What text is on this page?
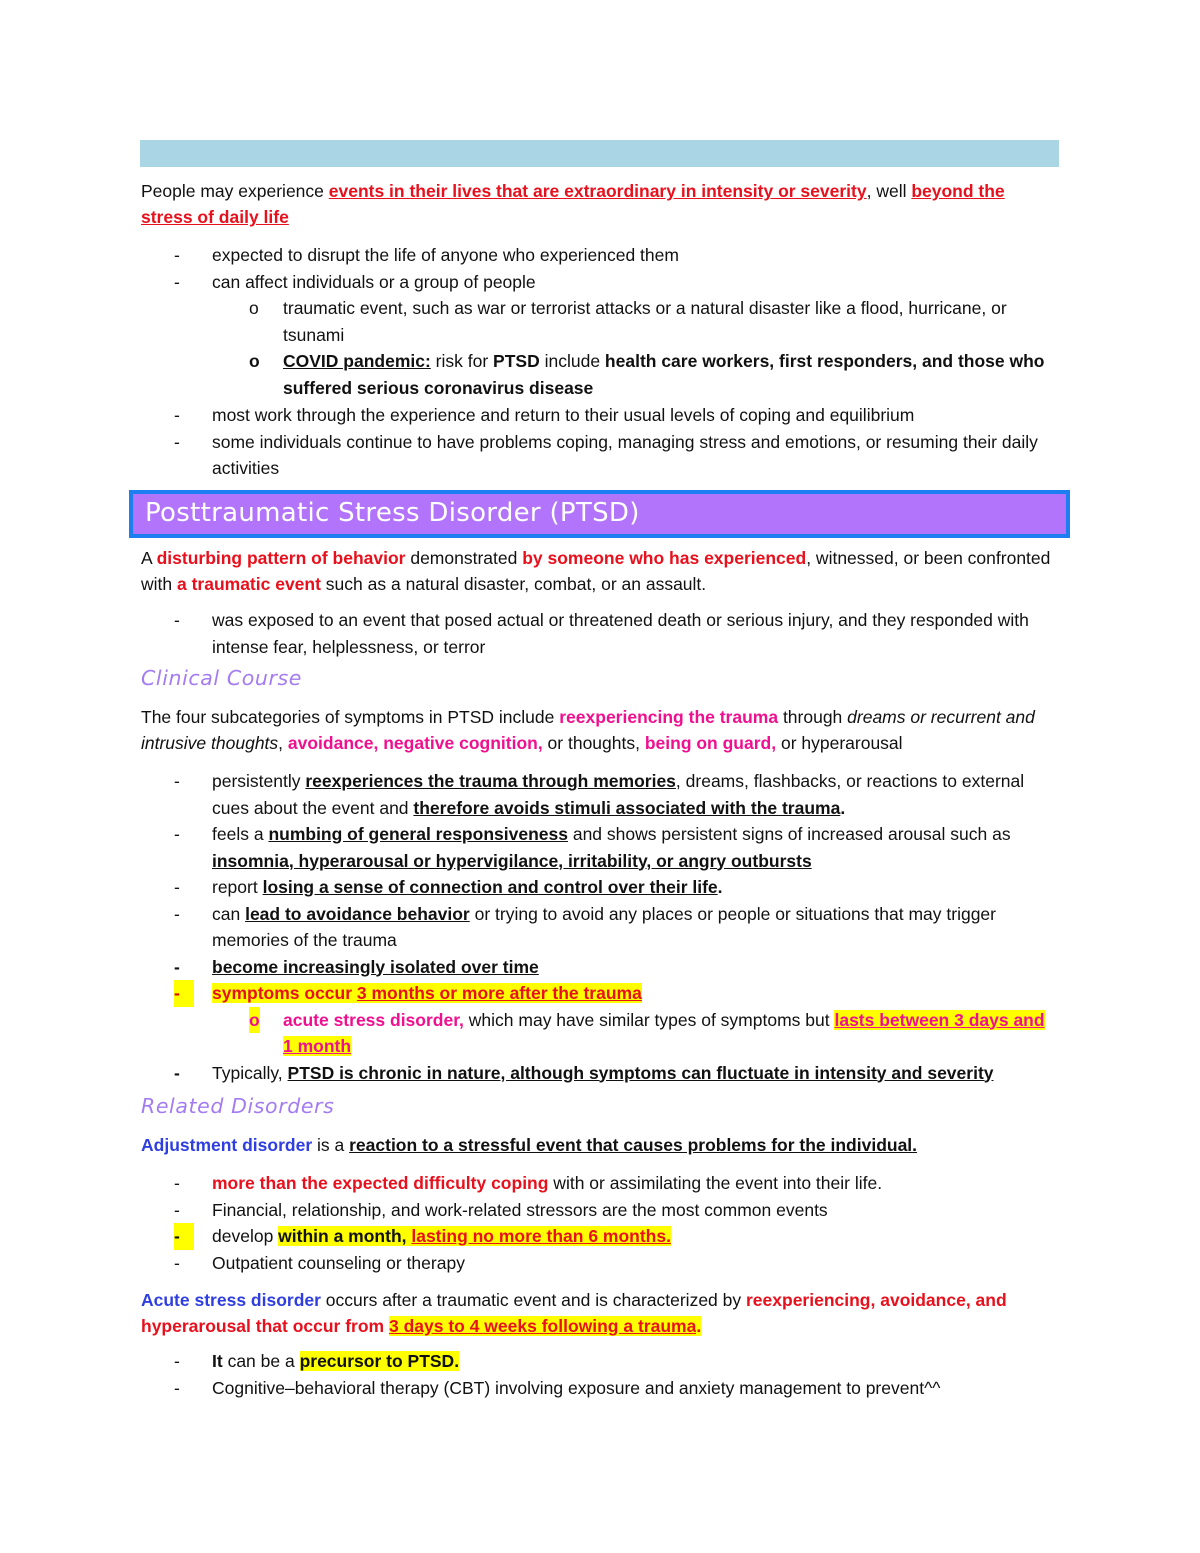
People may experience events in their lives that are extraordinary in intensity or severity, well beyond the stress of daily life
-	expected to disrupt the life of anyone who experienced them
-	can affect individuals or a group of people
o traumatic event, such as war or terrorist attacks or a natural disaster like a flood, hurricane, or tsunami
o COVID pandemic: risk for PTSD include health care workers, first responders, and those who suffered serious coronavirus disease
-	most work through the experience and return to their usual levels of coping and equilibrium
-	some individuals continue to have problems coping, managing stress and emotions, or resuming their daily activities
Posttraumatic Stress Disorder (PTSD)
A disturbing pattern of behavior demonstrated by someone who has experienced, witnessed, or been confronted with a traumatic event such as a natural disaster, combat, or an assault.
-	was exposed to an event that posed actual or threatened death or serious injury, and they responded with intense fear, helplessness, or terror
Clinical Course
The four subcategories of symptoms in PTSD include reexperiencing the trauma through dreams or recurrent and intrusive thoughts, avoidance, negative cognition, or thoughts, being on guard, or hyperarousal
-	persistently reexperiences the trauma through memories, dreams, flashbacks, or reactions to external cues about the event and therefore avoids stimuli associated with the trauma.
-	feels a numbing of general responsiveness and shows persistent signs of increased arousal such as insomnia, hyperarousal or hypervigilance, irritability, or angry outbursts
-	report losing a sense of connection and control over their life.
-	can lead to avoidance behavior or trying to avoid any places or people or situations that may trigger memories of the trauma
-	become increasingly isolated over time
-	symptoms occur 3 months or more after the trauma
o acute stress disorder, which may have similar types of symptoms but lasts between 3 days and 1 month
-	Typically, PTSD is chronic in nature, although symptoms can fluctuate in intensity and severity
Related Disorders
Adjustment disorder is a reaction to a stressful event that causes problems for the individual.
-	more than the expected difficulty coping with or assimilating the event into their life.
-	Financial, relationship, and work-related stressors are the most common events
-	develop within a month, lasting no more than 6 months.
-	Outpatient counseling or therapy
Acute stress disorder occurs after a traumatic event and is characterized by reexperiencing, avoidance, and hyperarousal that occur from 3 days to 4 weeks following a trauma.
-	It can be a precursor to PTSD.
-	Cognitive–behavioral therapy (CBT) involving exposure and anxiety management to prevent^^
